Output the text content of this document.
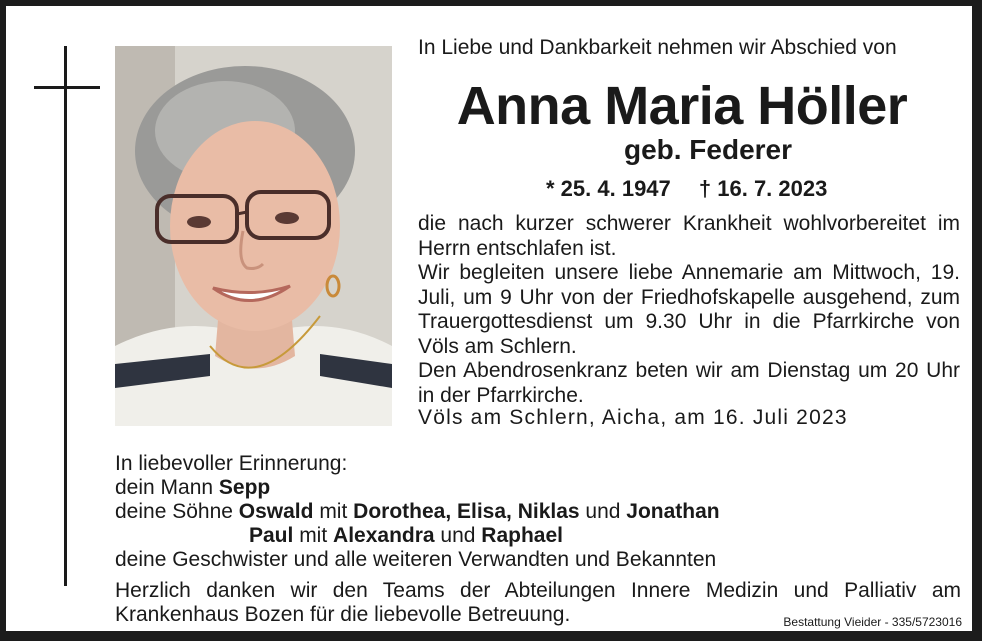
In Liebe und Dankbarkeit nehmen wir Abschied von
Anna Maria Höller
geb. Federer
* 25. 4. 1947 † 16. 7. 2023

die nach kurzer schwerer Krankheit wohlvorbereitet im Herrn entschlafen ist.

Wir begleiten unsere liebe Annemarie am Mittwoch, 19. Juli, um 9 Uhr von der Friedhofskapelle ausgehend, zum Trauergottesdienst um 9.30 Uhr in die Pfarrkirche von Völs am Schlern.

Den Abendrosenkranz beten wir am Dienstag um 20 Uhr in der Pfarrkirche.

Völs am Schlern, Aicha, am 16. Juli 2023
In liebevoller Erinnerung:
dein Mann Sepp
deine Söhne Oswald mit Dorothea, Elisa, Niklas und Jonathan
Paul mit Alexandra und Raphael
deine Geschwister und alle weiteren Verwandten und Bekannten
Herzlich danken wir den Teams der Abteilungen Innere Medizin und Palliativ am Krankenhaus Bozen für die liebevolle Betreuung.	Bestattung Vieider - 335/5723016
